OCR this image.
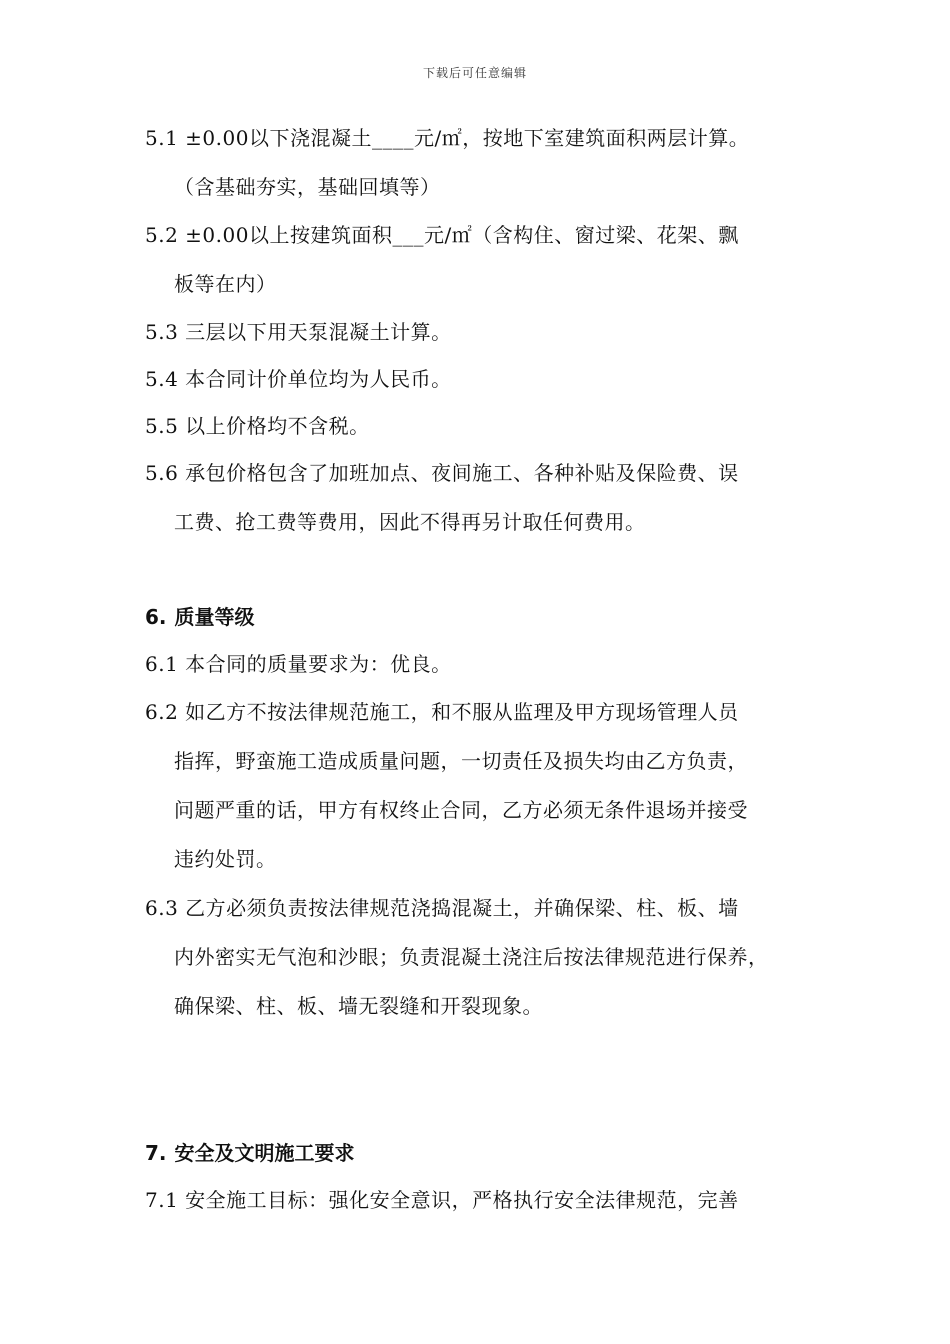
下载后可任意编辑
5.1 ±0.00以下浇混凝土____元/㎡，按地下室建筑面积两层计算。
（含基础夯实，基础回填等）
5.2 ±0.00以上按建筑面积___元/㎡（含构住、窗过梁、花架、飘
板等在内）
5.3 三层以下用天泵混凝土计算。
5.4 本合同计价单位均为人民币。
5.5 以上价格均不含税。
5.6 承包价格包含了加班加点、夜间施工、各种补贴及保险费、误
工费、抢工费等费用，因此不得再另计取任何费用。
6. 质量等级
6.1 本合同的质量要求为：优良。
6.2 如乙方不按法律规范施工，和不服从监理及甲方现场管理人员
指挥，野蛮施工造成质量问题，一切责任及损失均由乙方负责，
问题严重的话，甲方有权终止合同，乙方必须无条件退场并接受
违约处罚。
6.3 乙方必须负责按法律规范浇捣混凝土，并确保梁、柱、板、墙
内外密实无气泡和沙眼；负责混凝土浇注后按法律规范进行保养，
确保梁、柱、板、墙无裂缝和开裂现象。
7. 安全及文明施工要求
7.1 安全施工目标：强化安全意识，严格执行安全法律规范，完善
